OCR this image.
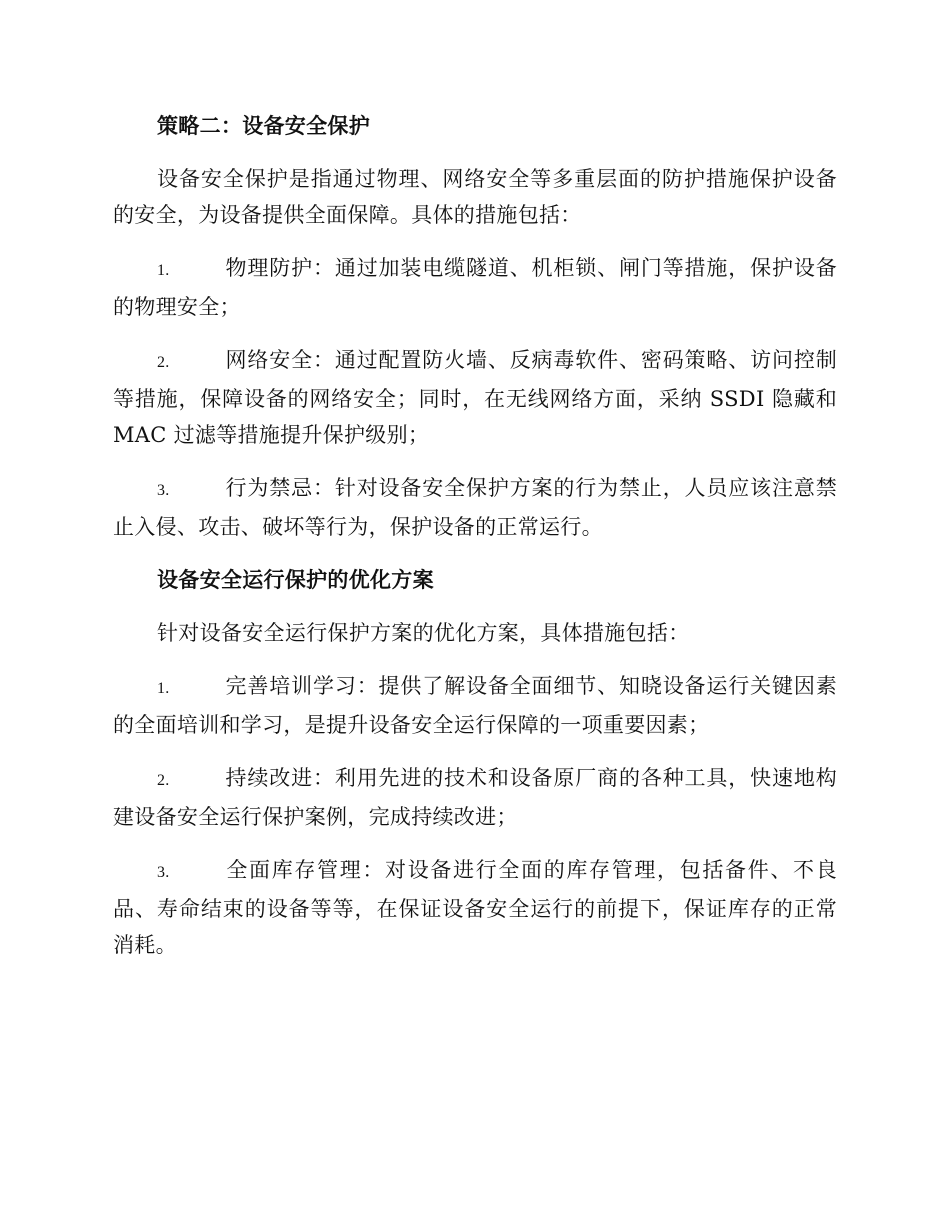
策略二：设备安全保护

设备安全保护是指通过物理、网络安全等多重层面的防护措施保护设备的安全，为设备提供全面保障。具体的措施包括：

1.	物理防护：通过加装电缆隧道、机柜锁、闸门等措施，保护设备的物理安全；

2.	网络安全：通过配置防火墙、反病毒软件、密码策略、访问控制等措施，保障设备的网络安全；同时，在无线网络方面，采纳 SSDI 隐藏和 MAC 过滤等措施提升保护级别；

3.	行为禁忌：针对设备安全保护方案的行为禁止，人员应该注意禁止入侵、攻击、破坏等行为，保护设备的正常运行。

设备安全运行保护的优化方案

针对设备安全运行保护方案的优化方案，具体措施包括：

1.	完善培训学习：提供了解设备全面细节、知晓设备运行关键因素的全面培训和学习，是提升设备安全运行保障的一项重要因素；

2.	持续改进：利用先进的技术和设备原厂商的各种工具，快速地构建设备安全运行保护案例，完成持续改进；

3.	全面库存管理：对设备进行全面的库存管理，包括备件、不良品、寿命结束的设备等等，在保证设备安全运行的前提下，保证库存的正常消耗。
